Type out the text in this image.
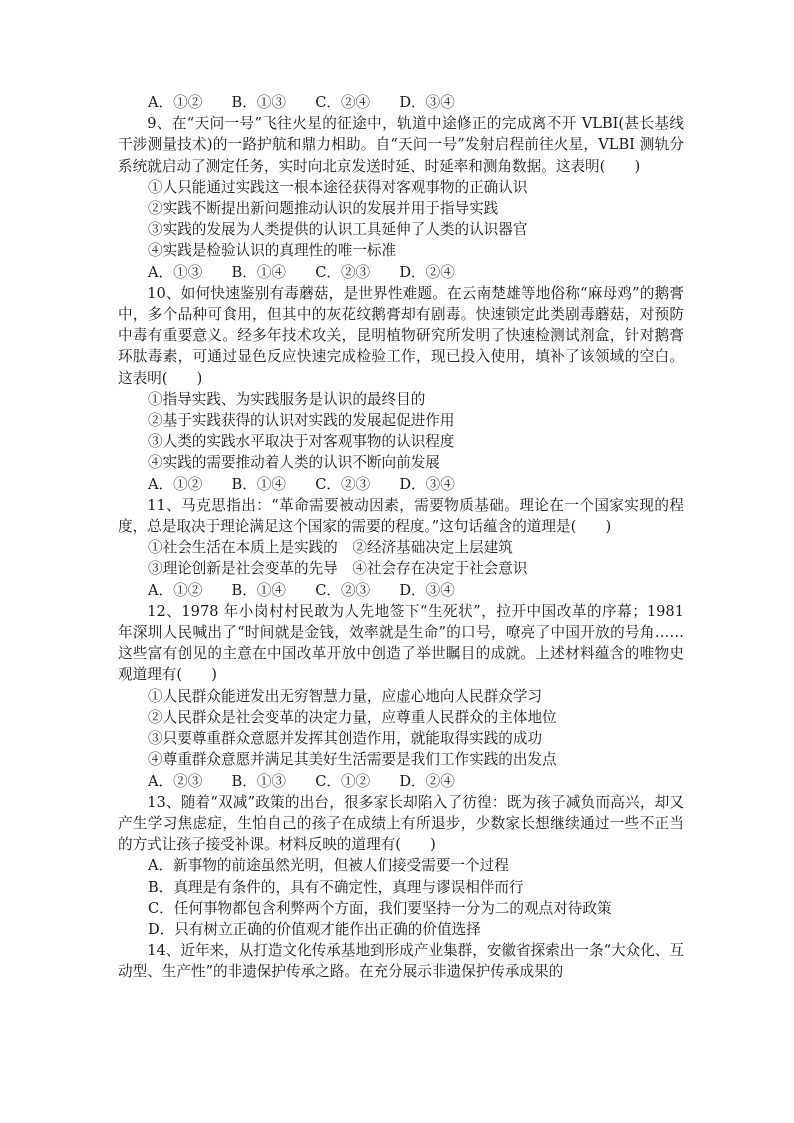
A．①②　　B．①③　　C．②④　　D．③④

9、在“天问一号”飞往火星的征途中，轨道中途修正的完成离不开 VLBI(甚长基线干涉测量技术)的一路护航和鼎力相助。自“天问一号”发射启程前往火星，VLBI 测轨分系统就启动了测定任务，实时向北京发送时延、时延率和测角数据。这表明(　　)

①人只能通过实践这一根本途径获得对客观事物的正确认识

②实践不断提出新问题推动认识的发展并用于指导实践

③实践的发展为人类提供的认识工具延伸了人类的认识器官

④实践是检验认识的真理性的唯一标准

A．①③　　B．①④　　C．②③　　D．②④

10、如何快速鉴别有毒蘑菇，是世界性难题。在云南楚雄等地俗称“麻母鸡”的鹅膏中，多个品种可食用，但其中的灰花纹鹅膏却有剧毒。快速锁定此类剧毒蘑菇，对预防中毒有重要意义。经多年技术攻关，昆明植物研究所发明了快速检测试剂盒，针对鹅膏环肽毒素，可通过显色反应快速完成检验工作，现已投入使用，填补了该领域的空白。这表明(　　)

①指导实践、为实践服务是认识的最终目的

②基于实践获得的认识对实践的发展起促进作用

③人类的实践水平取决于对客观事物的认识程度

④实践的需要推动着人类的认识不断向前发展

A．①②　　B．①④　　C．②③　　D．③④

11、马克思指出：“革命需要被动因素，需要物质基础。理论在一个国家实现的程度，总是取决于理论满足这个国家的需要的程度。”这句话蕴含的道理是(　　)

①社会生活在本质上是实践的　②经济基础决定上层建筑

③理论创新是社会变革的先导　④社会存在决定于社会意识

A．①②　　B．①④　　C．②③　　D．③④

12、1978 年小岗村村民敢为人先地签下“生死状”，拉开中国改革的序幕；1981 年深圳人民喊出了“时间就是金钱，效率就是生命”的口号，嘹亮了中国开放的号角……这些富有创见的主意在中国改革开放中创造了举世瞩目的成就。上述材料蕴含的唯物史观道理有(　　)

①人民群众能迸发出无穷智慧力量，应虚心地向人民群众学习

②人民群众是社会变革的决定力量，应尊重人民群众的主体地位

③只要尊重群众意愿并发挥其创造作用，就能取得实践的成功

④尊重群众意愿并满足其美好生活需要是我们工作实践的出发点

A．②③　　B．①③　　C．①②　　D．②④

13、随着“双减”政策的出台，很多家长却陷入了彷徨：既为孩子减负而高兴，却又产生学习焦虑症，生怕自己的孩子在成绩上有所退步，少数家长想继续通过一些不正当的方式让孩子接受补课。材料反映的道理有(　　)

A．新事物的前途虽然光明，但被人们接受需要一个过程

B．真理是有条件的，具有不确定性，真理与谬误相伴而行

C．任何事物都包含利弊两个方面，我们要坚持一分为二的观点对待政策

D．只有树立正确的价值观才能作出正确的价值选择

14、近年来，从打造文化传承基地到形成产业集群，安徽省探索出一条“大众化、互动型、生产性”的非遗保护传承之路。在充分展示非遗保护传承成果的
